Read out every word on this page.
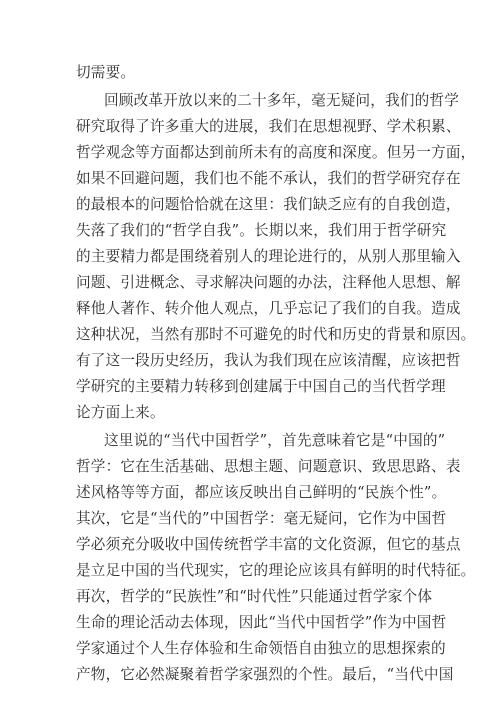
切需要。
回顾改革开放以来的二十多年，毫无疑问，我们的哲学
研究取得了许多重大的进展，我们在思想视野、学术积累、
哲学观念等方面都达到前所未有的高度和深度。但另一方面，
如果不回避问题，我们也不能不承认，我们的哲学研究存在
的最根本的问题恰恰就在这里：我们缺乏应有的自我创造，
失落了我们的“哲学自我”。长期以来，我们用于哲学研究
的主要精力都是围绕着别人的理论进行的，从别人那里输入
问题、引进概念、寻求解决问题的办法，注释他人思想、解
释他人著作、转介他人观点，几乎忘记了我们的自我。造成
这种状况，当然有那时不可避免的时代和历史的背景和原因。
有了这一段历史经历，我认为我们现在应该清醒，应该把哲
学研究的主要精力转移到创建属于中国自己的当代哲学理
论方面上来。
这里说的“当代中国哲学”，首先意味着它是“中国的”
哲学：它在生活基础、思想主题、问题意识、致思思路、表
述风格等等方面，都应该反映出自己鲜明的“民族个性”。
其次，它是“当代的”中国哲学：毫无疑问，它作为中国哲
学必须充分吸收中国传统哲学丰富的文化资源，但它的基点
是立足中国的当代现实，它的理论应该具有鲜明的时代特征。
再次，哲学的“民族性”和“时代性”只能通过哲学家个体
生命的理论活动去体现，因此“当代中国哲学”作为中国哲
学家通过个人生存体验和生命领悟自由独立的思想探索的
产物，它必然凝聚着哲学家强烈的个性。最后，“当代中国
